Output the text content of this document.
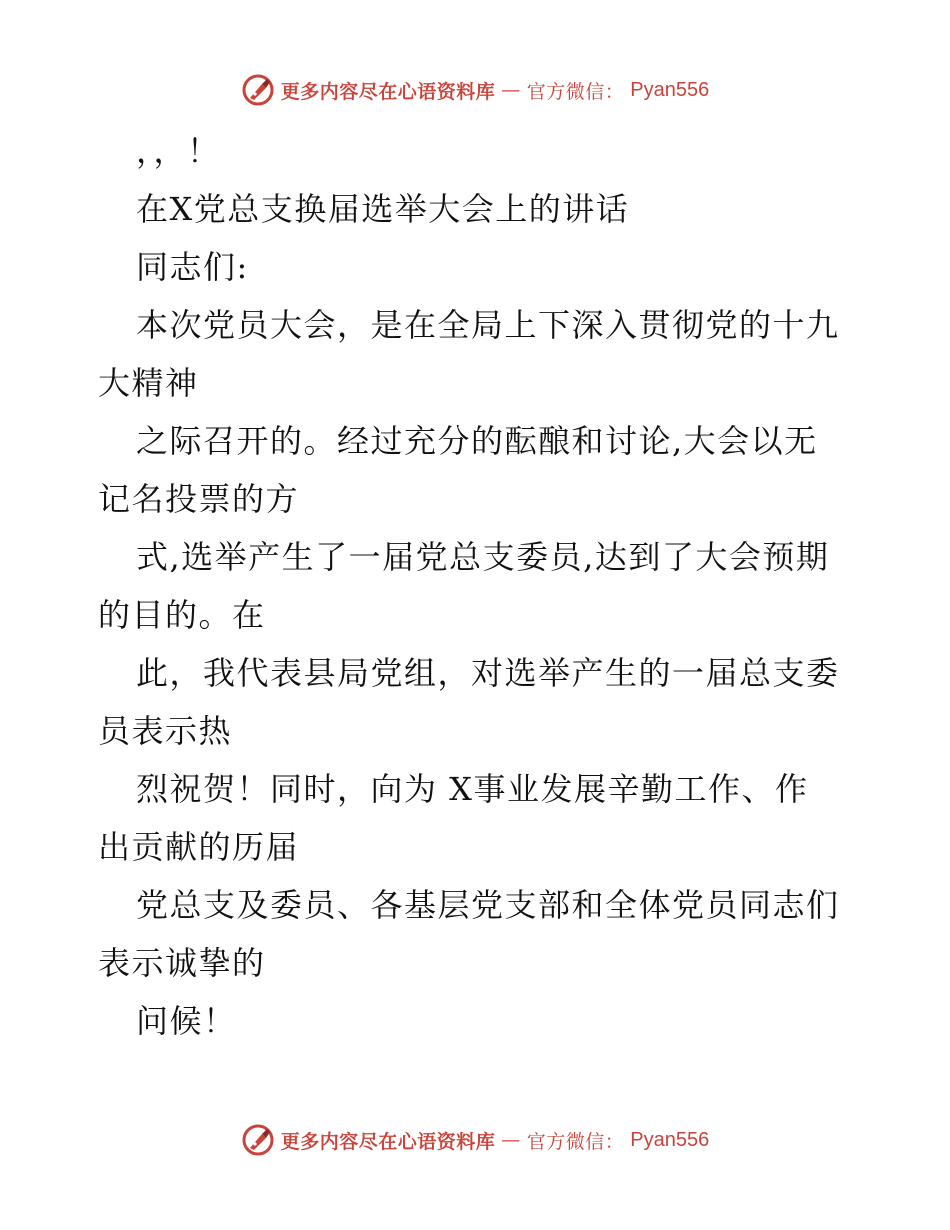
更多内容尽在心语资料库 — 官方微信： Pyan556
，，！
在X党总支换届选举大会上的讲话
同志们:
本次党员大会，是在全局上下深入贯彻党的十九
大精神
之际召开的。经过充分的酝酿和讨论,大会以无
记名投票的方
式,选举产生了一届党总支委员,达到了大会预期
的目的。在
此，我代表县局党组，对选举产生的一届总支委
员表示热
烈祝贺！同时，向为 X事业发展辛勤工作、作
出贡献的历届
党总支及委员、各基层党支部和全体党员同志们
表示诚挚的
问候！
更多内容尽在心语资料库 — 官方微信： Pyan556
